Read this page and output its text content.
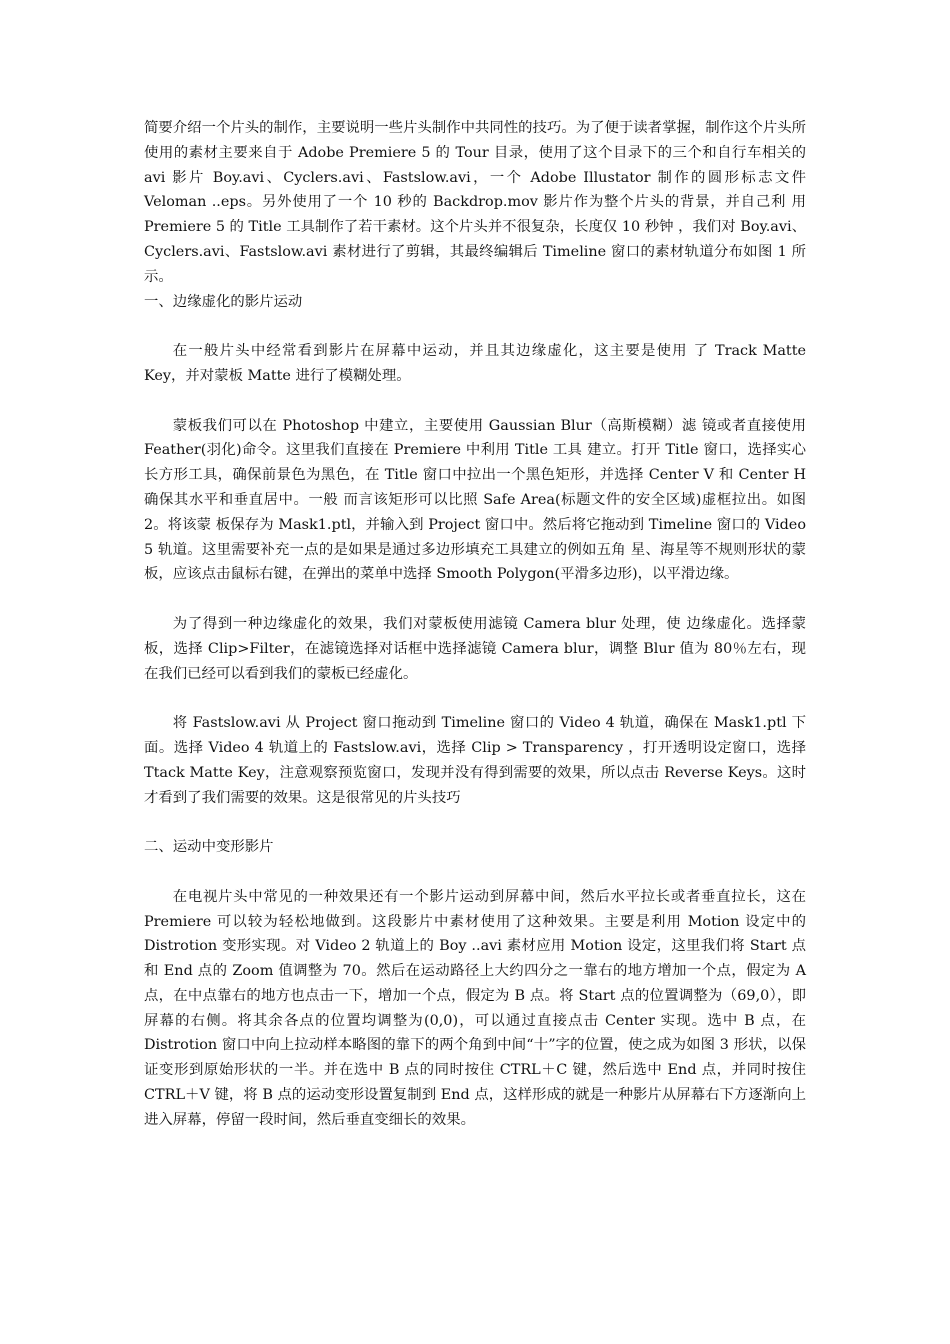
简要介绍一个片头的制作，主要说明一些片头制作中共同性的技巧。为了便于读者掌握，制作这个片头所使用的素材主要来自于 Adobe Premiere 5 的 Tour 目录，使用了这个目录下的三个和自行车相关的 avi 影片 Boy.avi、Cyclers.avi、Fastslow.avi，一个 Adobe Illustator 制作的圆形标志文件 Veloman ..eps。另外使用了一个 10 秒的 Backdrop.mov 影片作为整个片头的背景，并自己利 用 Premiere 5 的 Title 工具制作了若干素材。这个片头并不很复杂，长度仅 10 秒钟 ，我们对 Boy.avi、Cyclers.avi、Fastslow.avi 素材进行了剪辑，其最终编辑后 Timeline 窗口的素材轨道分布如图 1 所示。

一、边缘虚化的影片运动

在一般片头中经常看到影片在屏幕中运动，并且其边缘虚化，这主要是使用 了 Track Matte Key，并对蒙板 Matte 进行了模糊处理。

蒙板我们可以在 Photoshop 中建立，主要使用 Gaussian Blur（高斯模糊）滤 镜或者直接使用 Feather(羽化)命令。这里我们直接在 Premiere 中利用 Title 工具 建立。打开 Title 窗口，选择实心长方形工具，确保前景色为黑色，在 Title 窗口中拉出一个黑色矩形，并选择 Center V 和 Center H 确保其水平和垂直居中。一般 而言该矩形可以比照 Safe Area(标题文件的安全区域)虚框拉出。如图 2。将该蒙 板保存为 Mask1.ptl，并输入到 Project 窗口中。然后将它拖动到 Timeline 窗口的 Video 5 轨道。这里需要补充一点的是如果是通过多边形填充工具建立的例如五角 星、海星等不规则形状的蒙板，应该点击鼠标右键，在弹出的菜单中选择 Smooth Polygon(平滑多边形)，以平滑边缘。

为了得到一种边缘虚化的效果，我们对蒙板使用滤镜 Camera blur 处理，使 边缘虚化。选择蒙板，选择 Clip>Filter，在滤镜选择对话框中选择滤镜 Camera blur，调整 Blur 值为 80％左右，现在我们已经可以看到我们的蒙板已经虚化。

将 Fastslow.avi 从 Project 窗口拖动到 Timeline 窗口的 Video 4 轨道，确保在 Mask1.ptl 下面。选择 Video 4 轨道上的 Fastslow.avi，选择 Clip > Transparency ，打开透明设定窗口，选择 Ttack Matte Key，注意观察预览窗口，发现并没有得到需要的效果，所以点击 Reverse Keys。这时才看到了我们需要的效果。这是很常见的片头技巧

二、运动中变形影片

在电视片头中常见的一种效果还有一个影片运动到屏幕中间，然后水平拉长或者垂直拉长，这在 Premiere 可以较为轻松地做到。这段影片中素材使用了这种效果。主要是利用 Motion 设定中的 Distrotion 变形实现。对 Video 2 轨道上的 Boy ..avi 素材应用 Motion 设定，这里我们将 Start 点和 End 点的 Zoom 值调整为 70。然后在运动路径上大约四分之一靠右的地方增加一个点，假定为 A 点，在中点靠右的地方也点击一下，增加一个点，假定为 B 点。将 Start 点的位置调整为（69,0），即屏幕的右侧。将其余各点的位置均调整为(0,0)，可以通过直接点击 Center 实现。选中 B 点，在 Distrotion 窗口中向上拉动样本略图的靠下的两个角到中间“十”字的位置，使之成为如图 3 形状，以保证变形到原始形状的一半。并在选中 B 点的同时按住 CTRL＋C 键，然后选中 End 点，并同时按住 CTRL＋V 键，将 B 点的运动变形设置复制到 End 点，这样形成的就是一种影片从屏幕右下方逐渐向上进入屏幕，停留一段时间，然后垂直变细长的效果。
